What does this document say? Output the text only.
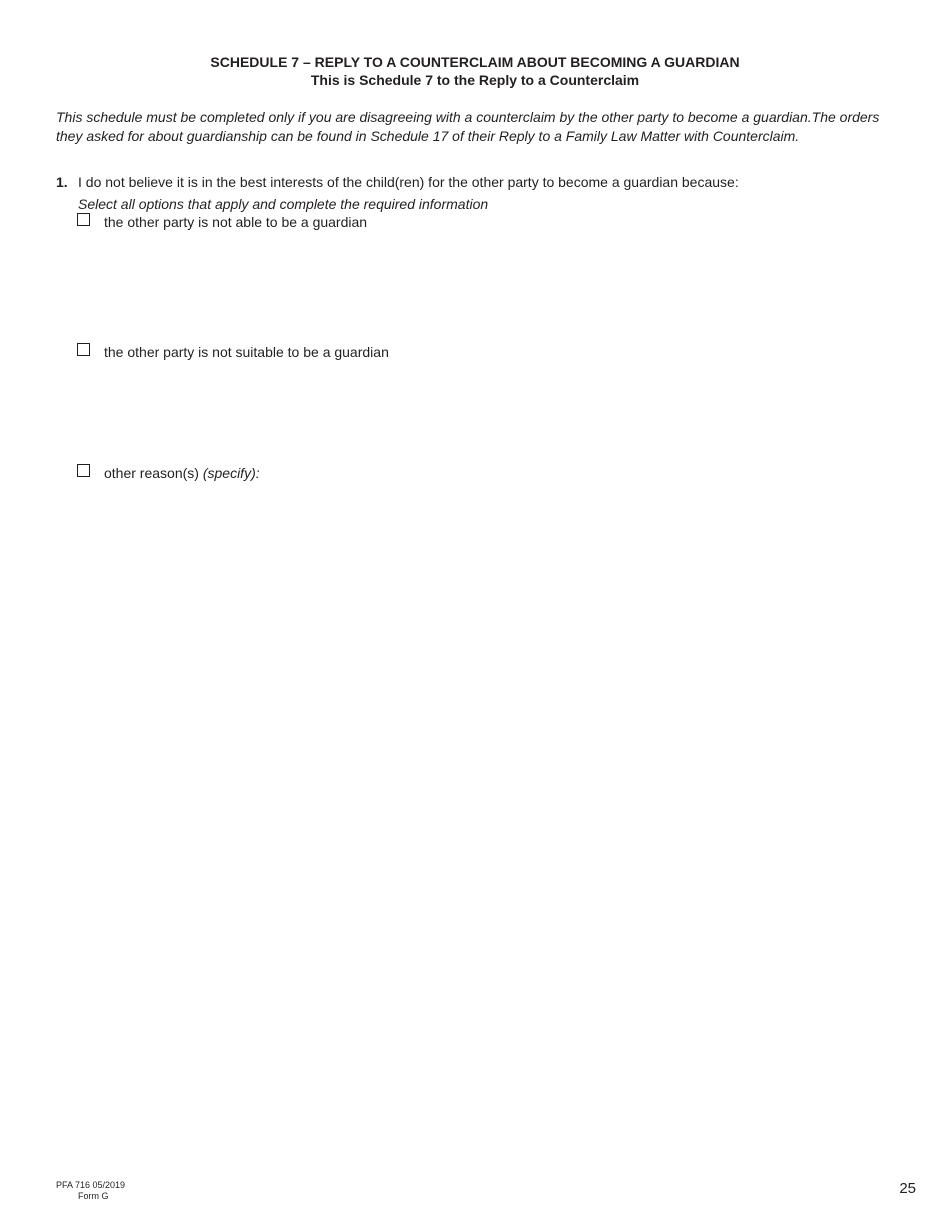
SCHEDULE 7 – REPLY TO A COUNTERCLAIM ABOUT BECOMING A GUARDIAN
This is Schedule 7 to the Reply to a Counterclaim
This schedule must be completed only if you are disagreeing with a counterclaim by the other party to become a guardian.The orders they asked for about guardianship can be found in Schedule 17 of their Reply to a Family Law Matter with Counterclaim.
1. I do not believe it is in the best interests of the child(ren) for the other party to become a guardian because:
Select all options that apply and complete the required information
the other party is not able to be a guardian
the other party is not suitable to be a guardian
other reason(s) (specify):
PFA 716 05/2019
Form G	25
